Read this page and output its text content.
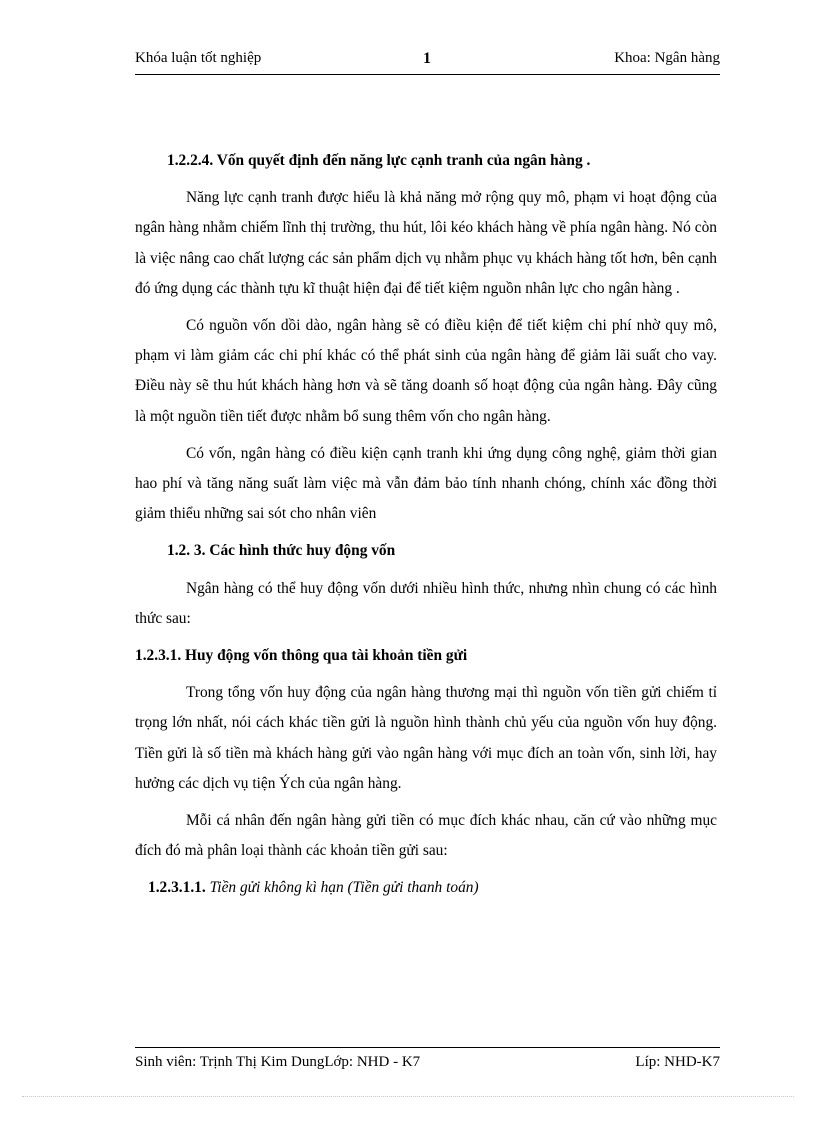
Khóa luận tốt nghiệp	1	Khoa: Ngân hàng
1.2.2.4. Vốn quyết định đến năng lực cạnh tranh của ngân hàng .

Năng lực cạnh tranh được hiểu là khả năng mở rộng quy mô, phạm vi hoạt động của ngân hàng nhằm chiếm lĩnh thị trường, thu hút, lôi kéo khách hàng về phía ngân hàng. Nó còn là việc nâng cao chất lượng các sản phẩm dịch vụ nhằm phục vụ khách hàng tốt hơn, bên cạnh đó ứng dụng các thành tựu kĩ thuật hiện đại để tiết kiệm nguồn nhân lực cho ngân hàng .

Có nguồn vốn dồi dào, ngân hàng sẽ có điều kiện để tiết kiệm chi phí nhờ quy mô, phạm vi làm giảm các chi phí khác có thể phát sinh của ngân hàng để giảm lãi suất cho vay. Điều này sẽ thu hút khách hàng hơn và sẽ tăng doanh số hoạt động của ngân hàng. Đây cũng là một nguồn tiền tiết được nhằm bổ sung thêm vốn cho ngân hàng.

Có vốn, ngân hàng có điều kiện cạnh tranh khi ứng dụng công nghệ, giảm thời gian hao phí và tăng năng suất làm việc mà vẫn đảm bảo tính nhanh chóng, chính xác đồng thời giảm thiểu những sai sót cho nhân viên

1.2. 3. Các hình thức huy động vốn

Ngân hàng có thể huy động vốn dưới nhiều hình thức, nhưng nhìn chung có các hình thức sau:

1.2.3.1. Huy động vốn thông qua tài khoản tiền gửi

Trong tổng vốn huy động của ngân hàng thương mại thì nguồn vốn tiền gửi chiếm tỉ trọng lớn nhất, nói cách khác tiền gửi là nguồn hình thành chủ yếu của nguồn vốn huy động. Tiền gửi là số tiền mà khách hàng gửi vào ngân hàng với mục đích an toàn vốn, sinh lời, hay hưởng các dịch vụ tiện Ých của ngân hàng.

Mỗi cá nhân đến ngân hàng gửi tiền có mục đích khác nhau, căn cứ vào những mục đích đó mà phân loại thành các khoản tiền gửi sau:

1.2.3.1.1. Tiền gửi không kì hạn (Tiền gửi thanh toán)
Sinh viên: Trịnh Thị Kim DungLớp: NHD - K7	Líp: NHD-K7
